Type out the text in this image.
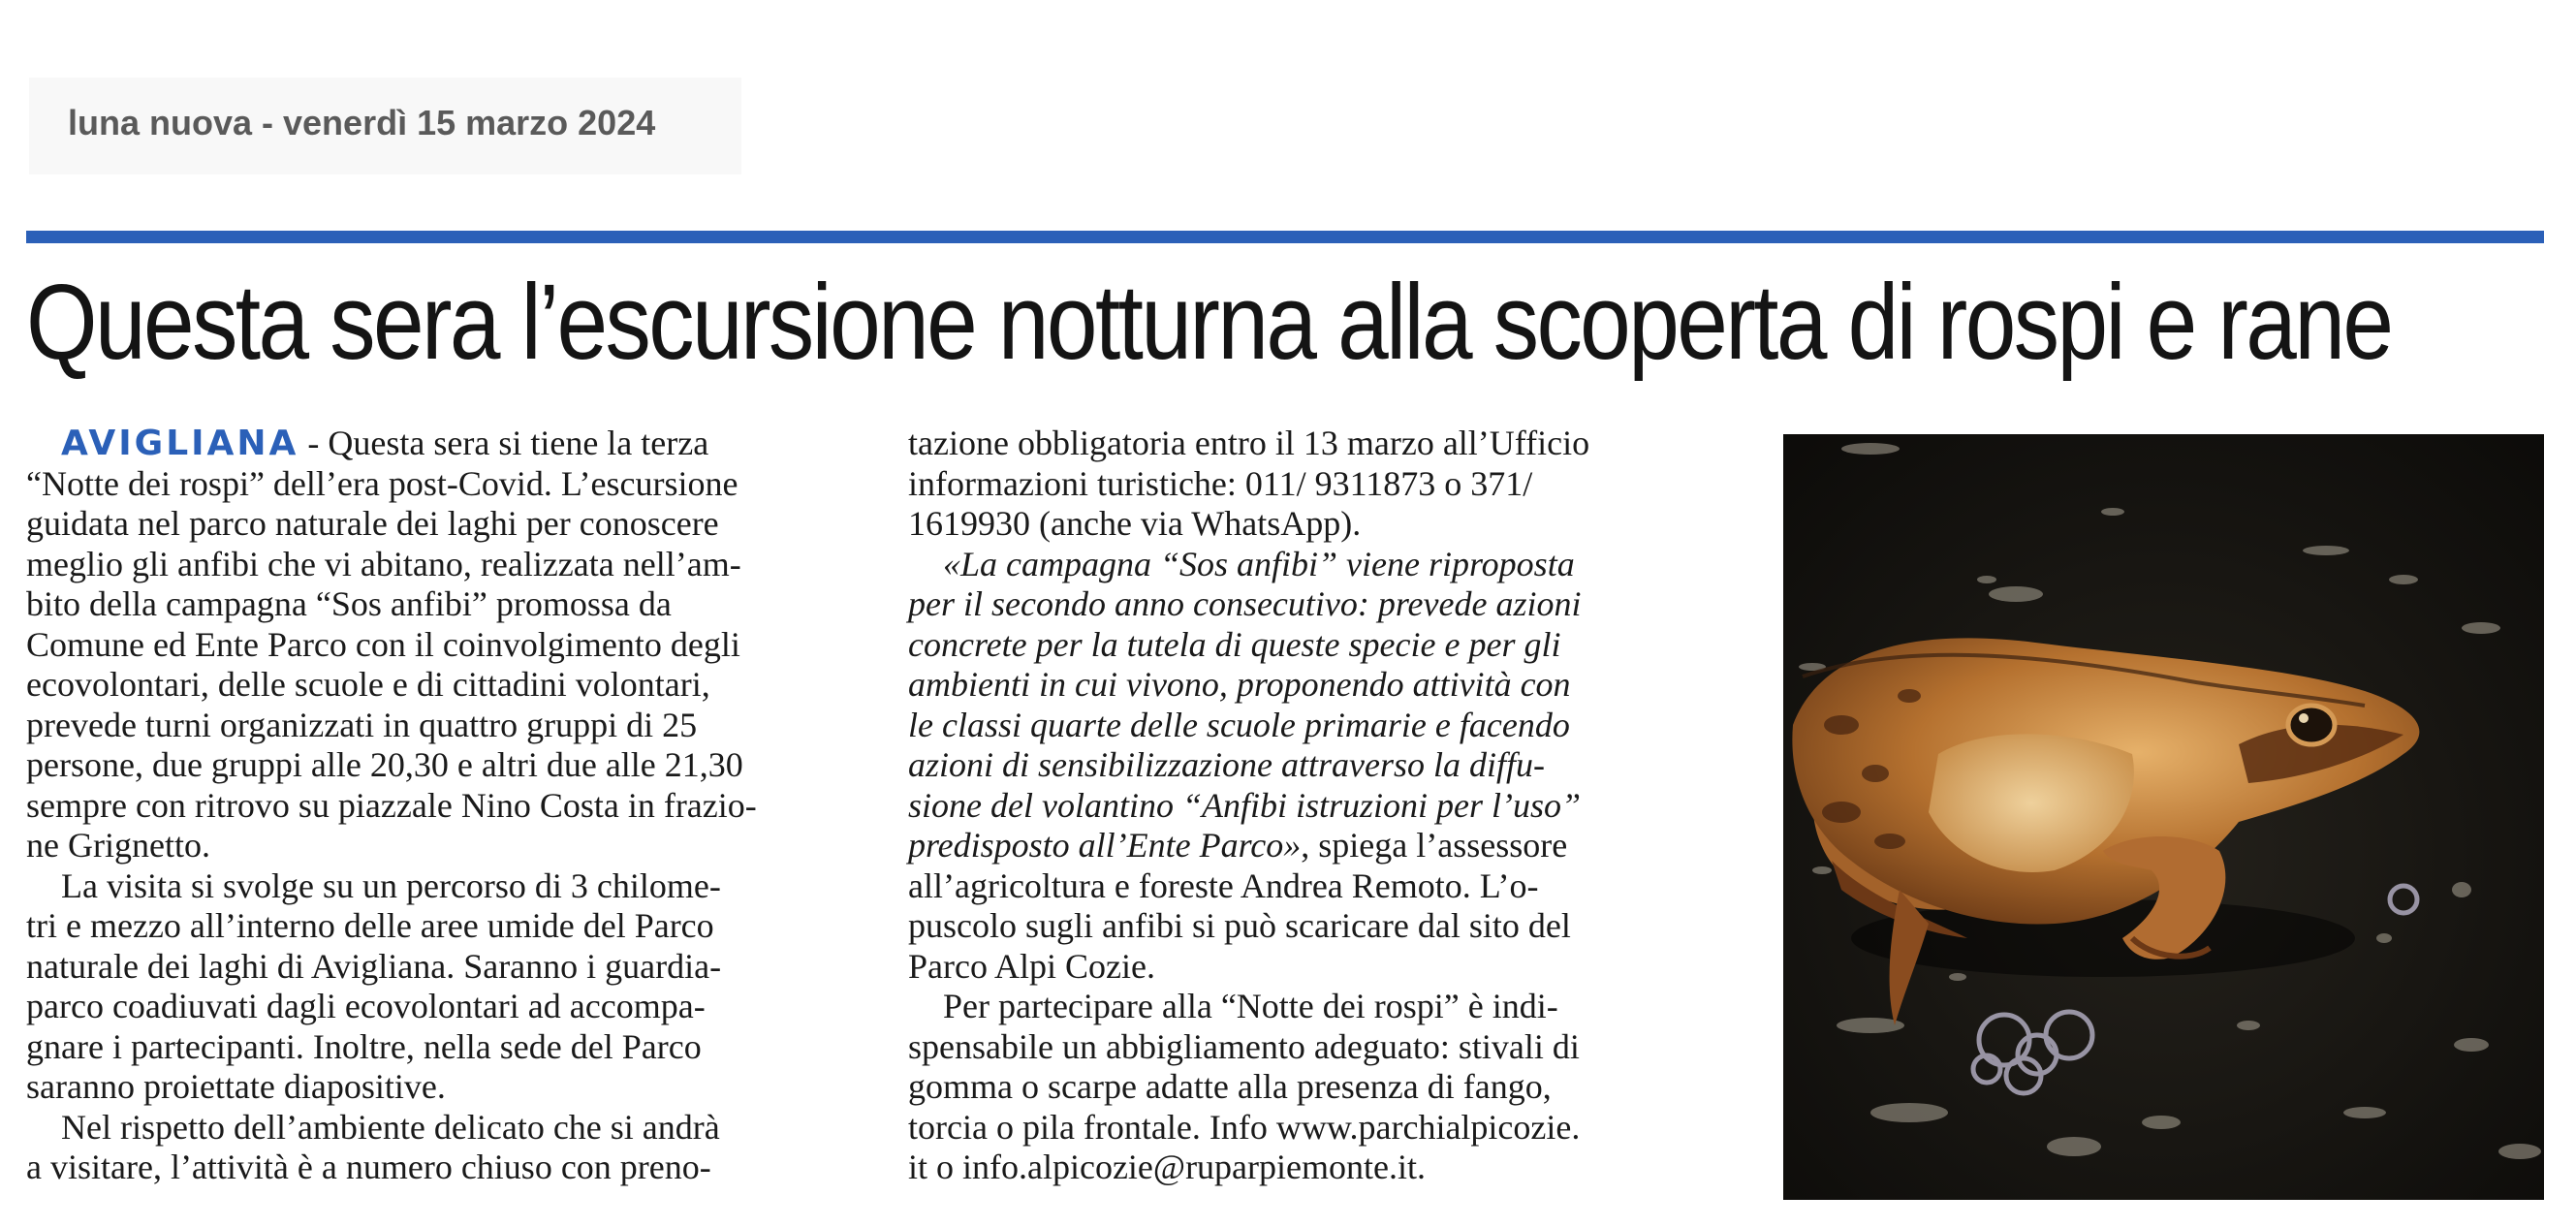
luna nuova - venerdì 15 marzo 2024
Questa sera l’escursione notturna alla scoperta di rospi e rane
AVIGLIANA - Questa sera si tiene la terza
“Notte dei rospi” dell’era post-Covid. L’escursione
guidata nel parco naturale dei laghi per conoscere
meglio gli anfibi che vi abitano, realizzata nell’am-
bito della campagna “Sos anfibi” promossa da
Comune ed Ente Parco con il coinvolgimento degli
ecovolontari, delle scuole e di cittadini volontari,
prevede turni organizzati in quattro gruppi di 25
persone, due gruppi alle 20,30 e altri due alle 21,30
sempre con ritrovo su piazzale Nino Costa in frazio-
ne Grignetto.
La visita si svolge su un percorso di 3 chilome-
tri e mezzo all’interno delle aree umide del Parco
naturale dei laghi di Avigliana. Saranno i guardia-
parco coadiuvati dagli ecovolontari ad accompa-
gnare i partecipanti. Inoltre, nella sede del Parco
saranno proiettate diapositive.
Nel rispetto dell’ambiente delicato che si andrà
a visitare, l’attività è a numero chiuso con preno-
tazione obbligatoria entro il 13 marzo all’Ufficio
informazioni turistiche: 011/ 9311873 o 371/
1619930 (anche via WhatsApp).
«La campagna “Sos anfibi” viene riproposta
per il secondo anno consecutivo: prevede azioni
concrete per la tutela di queste specie e per gli
ambienti in cui vivono, proponendo attività con
le classi quarte delle scuole primarie e facendo
azioni di sensibilizzazione attraverso la diffu-
sione del volantino “Anfibi istruzioni per l’uso”
predisposto all’Ente Parco», spiega l’assessore
all’agricoltura e foreste Andrea Remoto. L’o-
puscolo sugli anfibi si può scaricare dal sito del
Parco Alpi Cozie.
Per partecipare alla “Notte dei rospi” è indi-
spensabile un abbigliamento adeguato: stivali di
gomma o scarpe adatte alla presenza di fango,
torcia o pila frontale. Info www.parchialpicozie.
it o info.alpicozie@ruparpiemonte.it.
